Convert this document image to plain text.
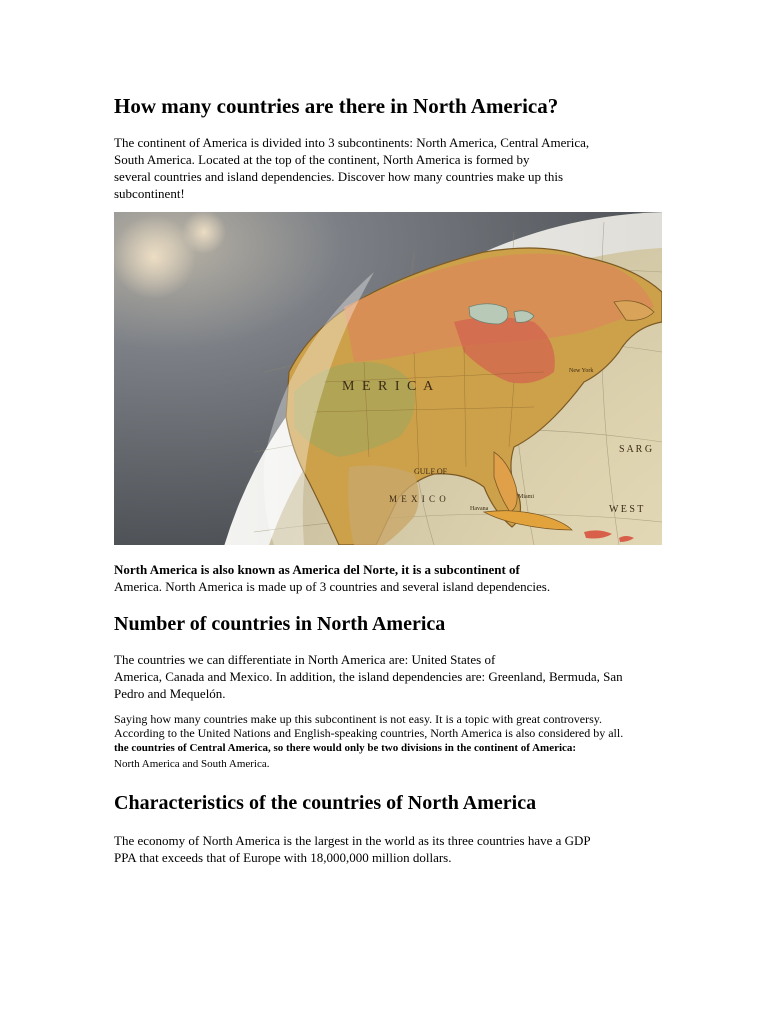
How many countries are there in North America?
The continent of America is divided into 3 subcontinents: North America, Central America,
South America. Located at the top of the continent, North America is formed by
several countries and island dependencies. Discover how many countries make up this
subcontinent!
M E R I C A
GULF OF
M E X I C O
S A R G
W E S T
New York
Havana
Miami
North America is also known as America del Norte, it is a subcontinent of
America. North America is made up of 3 countries and several island dependencies.
Number of countries in North America
The countries we can differentiate in North America are: United States of
America, Canada and Mexico. In addition, the island dependencies are: Greenland, Bermuda, San
Pedro and Mequelón.
Saying how many countries make up this subcontinent is not easy. It is a topic with great controversy.
According to the United Nations and English-speaking countries, North America is also considered by all.
the countries of Central America, so there would only be two divisions in the continent of America:
North America and South America.
Characteristics of the countries of North America
The economy of North America is the largest in the world as its three countries have a GDP
PPA that exceeds that of Europe with 18,000,000 million dollars.
